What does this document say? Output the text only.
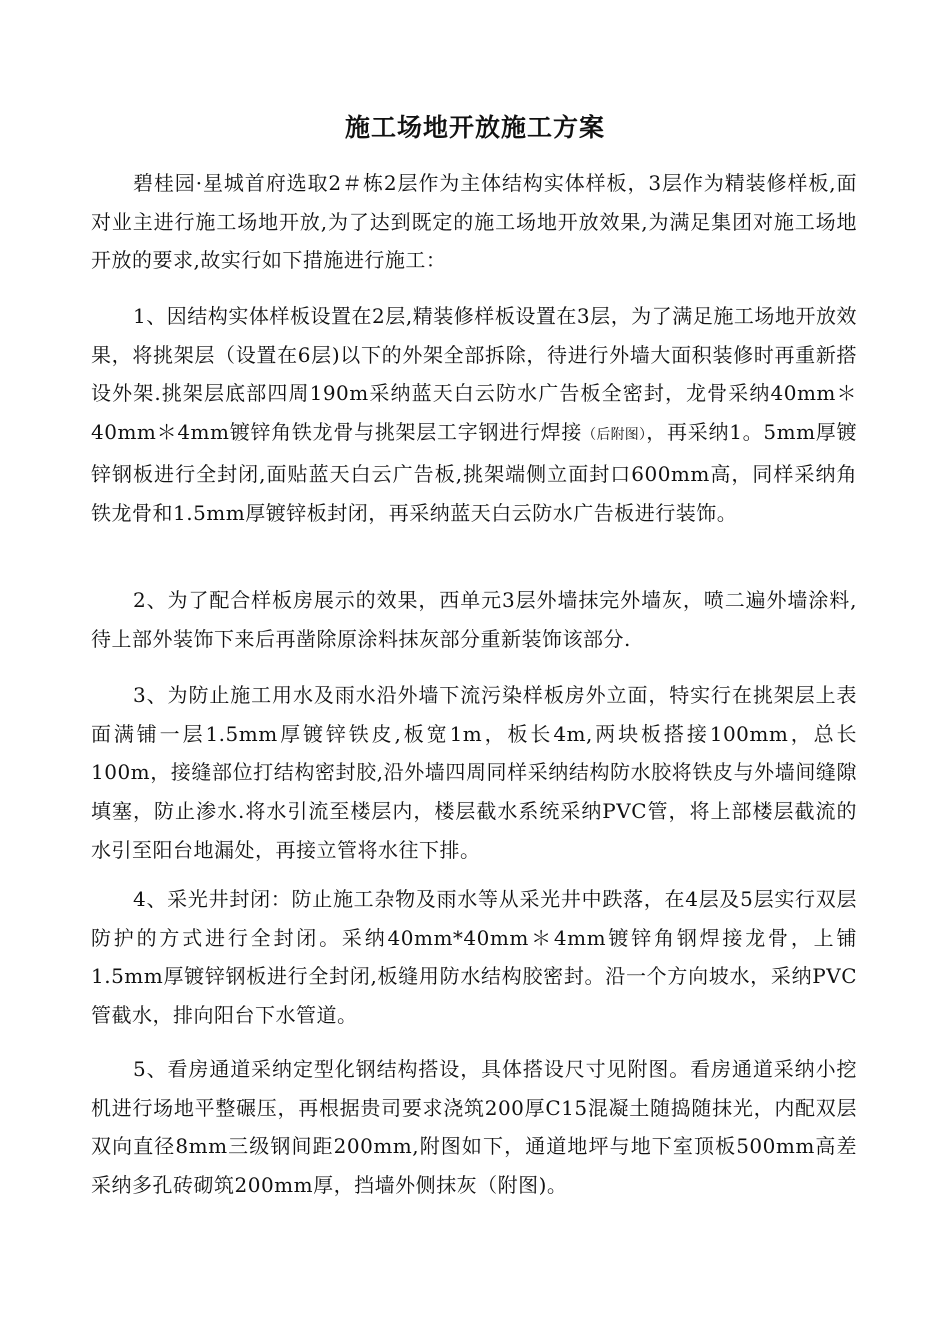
施工场地开放施工方案

碧桂园·星城首府选取2＃栋2层作为主体结构实体样板，3层作为精装修样板,面对业主进行施工场地开放,为了达到既定的施工场地开放效果,为满足集团对施工场地开放的要求,故实行如下措施进行施工：

1、因结构实体样板设置在2层,精装修样板设置在3层，为了满足施工场地开放效果，将挑架层（设置在6层)以下的外架全部拆除，待进行外墙大面积装修时再重新搭设外架.挑架层底部四周190m采纳蓝天白云防水广告板全密封，龙骨采纳40mm＊40mm＊4mm镀锌角铁龙骨与挑架层工字钢进行焊接（后附图），再采纳1。5mm厚镀锌钢板进行全封闭,面贴蓝天白云广告板,挑架端侧立面封口600mm高，同样采纳角铁龙骨和1.5mm厚镀锌板封闭，再采纳蓝天白云防水广告板进行装饰。

2、为了配合样板房展示的效果，西单元3层外墙抹完外墙灰，喷二遍外墙涂料,待上部外装饰下来后再凿除原涂料抹灰部分重新装饰该部分.

3、为防止施工用水及雨水沿外墙下流污染样板房外立面，特实行在挑架层上表面满铺一层1.5mm厚镀锌铁皮,板宽1m，板长4m,两块板搭接100mm，总长100m，接缝部位打结构密封胶,沿外墙四周同样采纳结构防水胶将铁皮与外墙间缝隙填塞，防止渗水.将水引流至楼层内，楼层截水系统采纳PVC管，将上部楼层截流的水引至阳台地漏处，再接立管将水往下排。

4、采光井封闭：防止施工杂物及雨水等从采光井中跌落，在4层及5层实行双层防护的方式进行全封闭。采纳40mm*40mm＊4mm镀锌角钢焊接龙骨，上铺1.5mm厚镀锌钢板进行全封闭,板缝用防水结构胶密封。沿一个方向坡水，采纳PVC管截水，排向阳台下水管道。

5、看房通道采纳定型化钢结构搭设，具体搭设尺寸见附图。看房通道采纳小挖机进行场地平整碾压，再根据贵司要求浇筑200厚C15混凝土随捣随抹光，内配双层双向直径8mm三级钢间距200mm,附图如下，通道地坪与地下室顶板500mm高差采纳多孔砖砌筑200mm厚，挡墙外侧抹灰（附图)。
